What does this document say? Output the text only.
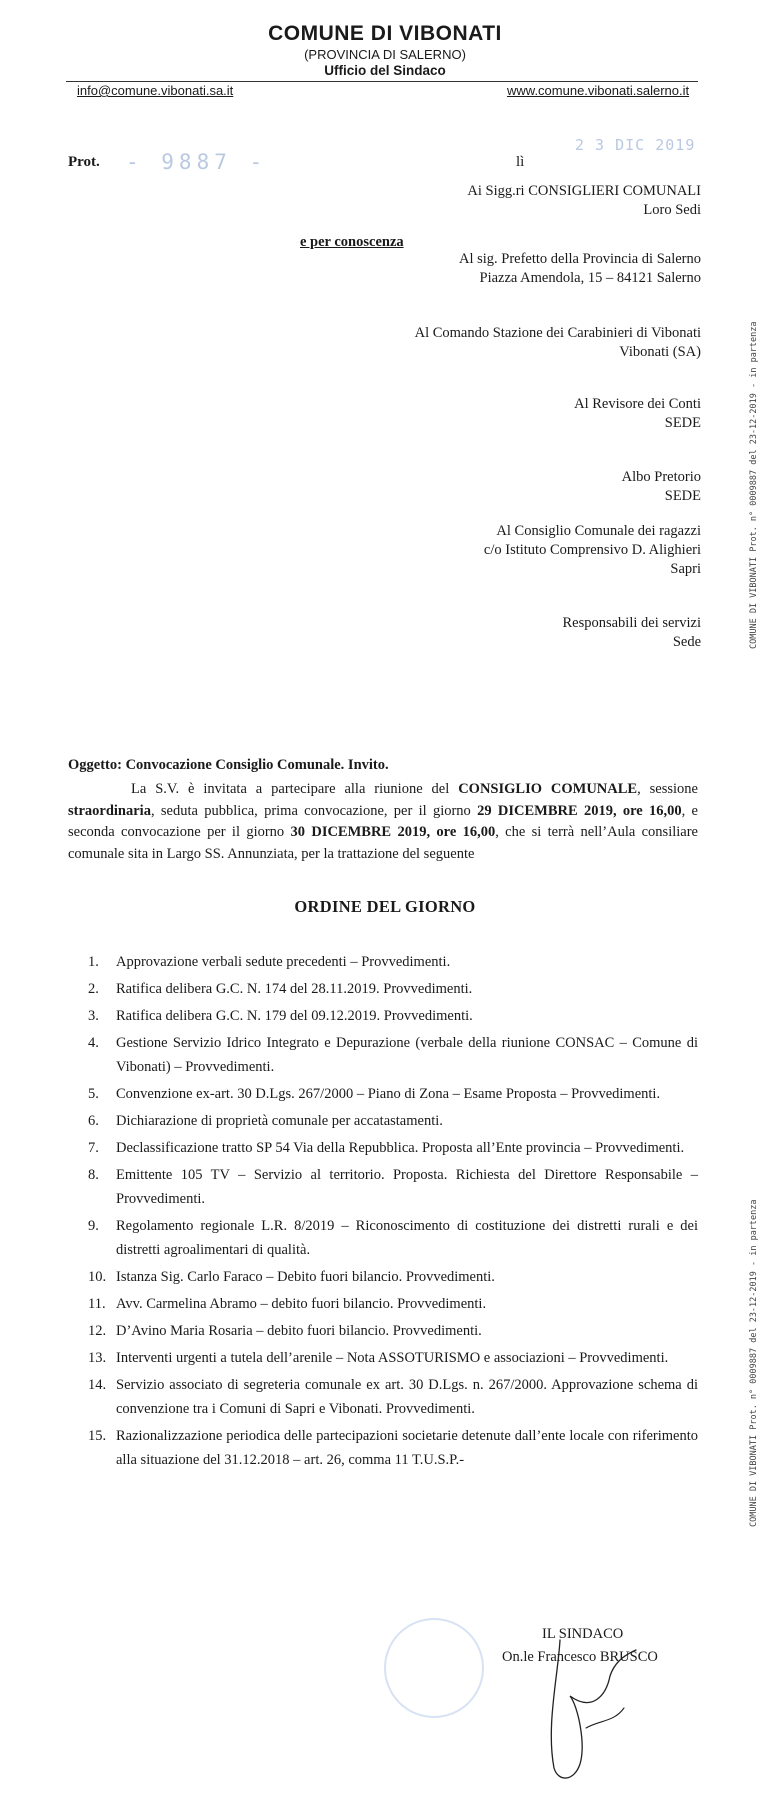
COMUNE DI VIBONATI
(PROVINCIA DI SALERNO)
Ufficio del Sindaco
info@comune.vibonati.sa.it	www.comune.vibonati.salerno.it
Prot. - 9887 -	lì
2 3 DIC 2019
Ai Sigg.ri CONSIGLIERI COMUNALI
Loro Sedi
e per conoscenza
Al sig. Prefetto della Provincia di Salerno
Piazza Amendola, 15 – 84121 Salerno
Al Comando Stazione dei Carabinieri di Vibonati
Vibonati (SA)
Al Revisore dei Conti
SEDE
Albo Pretorio
SEDE
Al Consiglio Comunale dei ragazzi
c/o Istituto Comprensivo D. Alighieri
Sapri
Responsabili dei servizi
Sede	COMUNE DI VIBONATI Prot. n° 0009887 del 23-12-2019 - in partenza
COMUNE DI VIBONATI Prot. n° 0009887 del 23-12-2019 - in partenza
Oggetto: Convocazione Consiglio Comunale. Invito.
La S.V. è invitata a partecipare alla riunione del CONSIGLIO COMUNALE, sessione straordinaria, seduta pubblica, prima convocazione, per il giorno 29 DICEMBRE 2019, ore 16,00, e seconda convocazione per il giorno 30 DICEMBRE 2019, ore 16,00, che si terrà nell’Aula consiliare comunale sita in Largo SS. Annunziata, per la trattazione del seguente
ORDINE DEL GIORNO
1.	Approvazione verbali sedute precedenti – Provvedimenti.
2.	Ratifica delibera G.C. N. 174 del 28.11.2019. Provvedimenti.
3.	Ratifica delibera G.C. N. 179 del 09.12.2019. Provvedimenti.
4.	Gestione Servizio Idrico Integrato e Depurazione (verbale della riunione CONSAC – Comune di Vibonati) – Provvedimenti.
5.	Convenzione ex-art. 30 D.Lgs. 267/2000 – Piano di Zona – Esame Proposta – Provvedimenti.
6.	Dichiarazione di proprietà comunale per accatastamenti.
7.	Declassificazione tratto SP 54 Via della Repubblica. Proposta all’Ente provincia – Provvedimenti.
8.	Emittente 105 TV – Servizio al territorio. Proposta. Richiesta del Direttore Responsabile – Provvedimenti.
9.	Regolamento regionale L.R. 8/2019 – Riconoscimento di costituzione dei distretti rurali e dei distretti agroalimentari di qualità.
10. Istanza Sig. Carlo Faraco – Debito fuori bilancio. Provvedimenti.
11. Avv. Carmelina Abramo – debito fuori bilancio. Provvedimenti.
12. D’Avino Maria Rosaria – debito fuori bilancio. Provvedimenti.
13. Interventi urgenti a tutela dell’arenile – Nota ASSOTURISMO e associazioni – Provvedimenti.
14. Servizio associato di segreteria comunale ex art. 30 D.Lgs. n. 267/2000. Approvazione schema di convenzione tra i Comuni di Sapri e Vibonati. Provvedimenti.
15. Razionalizzazione periodica delle partecipazioni societarie detenute dall’ente locale con riferimento alla situazione del 31.12.2018 – art. 26, comma 11 T.U.S.P.-
IL SINDACO
On.le Francesco BRUSCO
